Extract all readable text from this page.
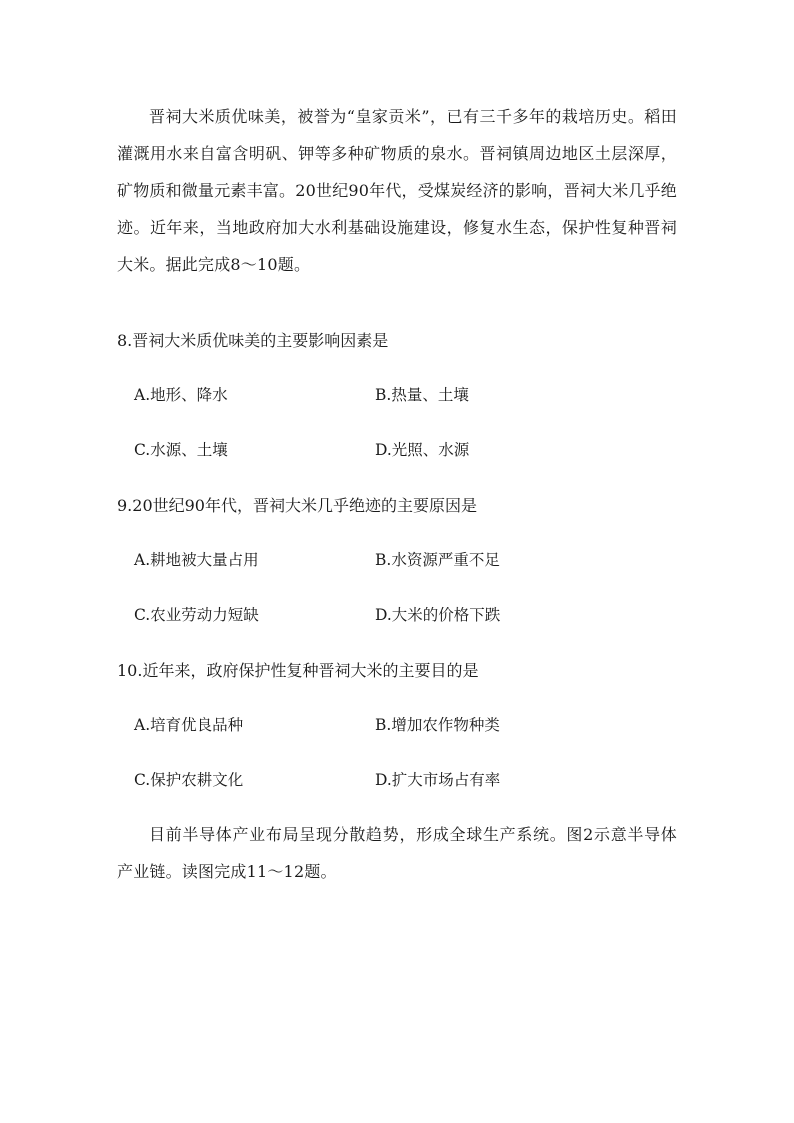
晋祠大米质优味美，被誉为“皇家贡米”，已有三千多年的栽培历史。稻田灌溉用水来自富含明矾、钾等多种矿物质的泉水。晋祠镇周边地区土层深厚，矿物质和微量元素丰富。20世纪90年代，受煤炭经济的影响，晋祠大米几乎绝迹。近年来，当地政府加大水利基础设施建设，修复水生态，保护性复种晋祠大米。据此完成8～10题。

8.晋祠大米质优味美的主要影响因素是
A.地形、降水	B.热量、土壤
C.水源、土壤	D.光照、水源
9.20世纪90年代，晋祠大米几乎绝迹的主要原因是
A.耕地被大量占用	B.水资源严重不足
C.农业劳动力短缺	D.大米的价格下跌
10.近年来，政府保护性复种晋祠大米的主要目的是
A.培育优良品种	B.增加农作物种类
C.保护农耕文化	D.扩大市场占有率

目前半导体产业布局呈现分散趋势，形成全球生产系统。图2示意半导体产业链。读图完成11～12题。
